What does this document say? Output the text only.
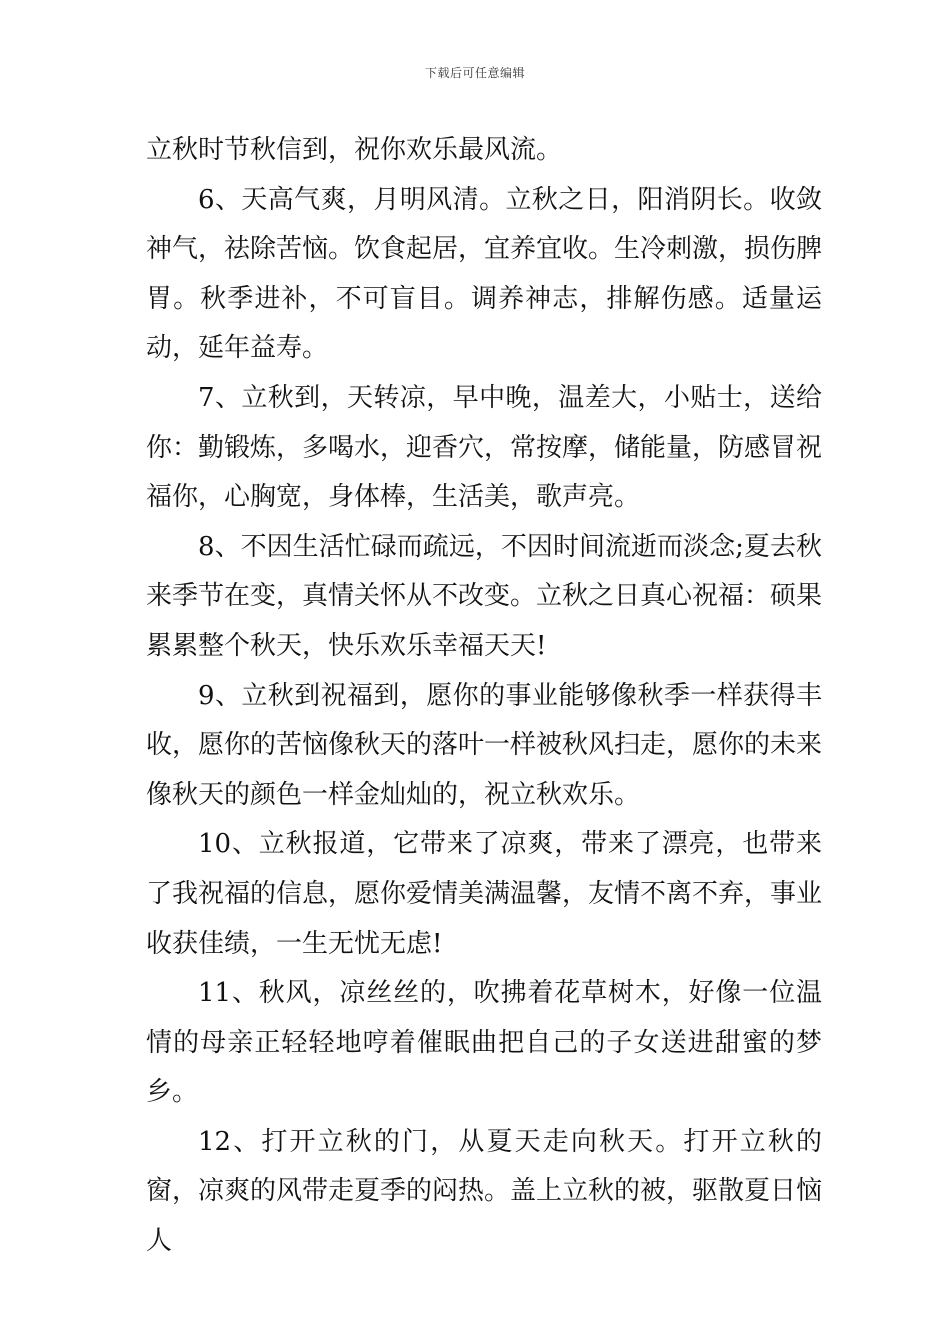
下载后可任意编辑

立秋时节秋信到，祝你欢乐最风流。

6、天高气爽，月明风清。立秋之日，阳消阴长。收敛神气，祛除苦恼。饮食起居，宜养宜收。生冷刺激，损伤脾胃。秋季进补，不可盲目。调养神志，排解伤感。适量运动，延年益寿。

7、立秋到，天转凉，早中晚，温差大，小贴士，送给你：勤锻炼，多喝水，迎香穴，常按摩，储能量，防感冒祝福你，心胸宽，身体棒，生活美，歌声亮。

8、不因生活忙碌而疏远，不因时间流逝而淡念;夏去秋来季节在变，真情关怀从不改变。立秋之日真心祝福：硕果累累整个秋天，快乐欢乐幸福天天!

9、立秋到祝福到，愿你的事业能够像秋季一样获得丰收，愿你的苦恼像秋天的落叶一样被秋风扫走，愿你的未来像秋天的颜色一样金灿灿的，祝立秋欢乐。

10、立秋报道，它带来了凉爽，带来了漂亮，也带来了我祝福的信息，愿你爱情美满温馨，友情不离不弃，事业收获佳绩，一生无忧无虑!

11、秋风，凉丝丝的，吹拂着花草树木，好像一位温情的母亲正轻轻地哼着催眠曲把自己的子女送进甜蜜的梦乡。

12、打开立秋的门，从夏天走向秋天。打开立秋的窗，凉爽的风带走夏季的闷热。盖上立秋的被，驱散夏日恼人
